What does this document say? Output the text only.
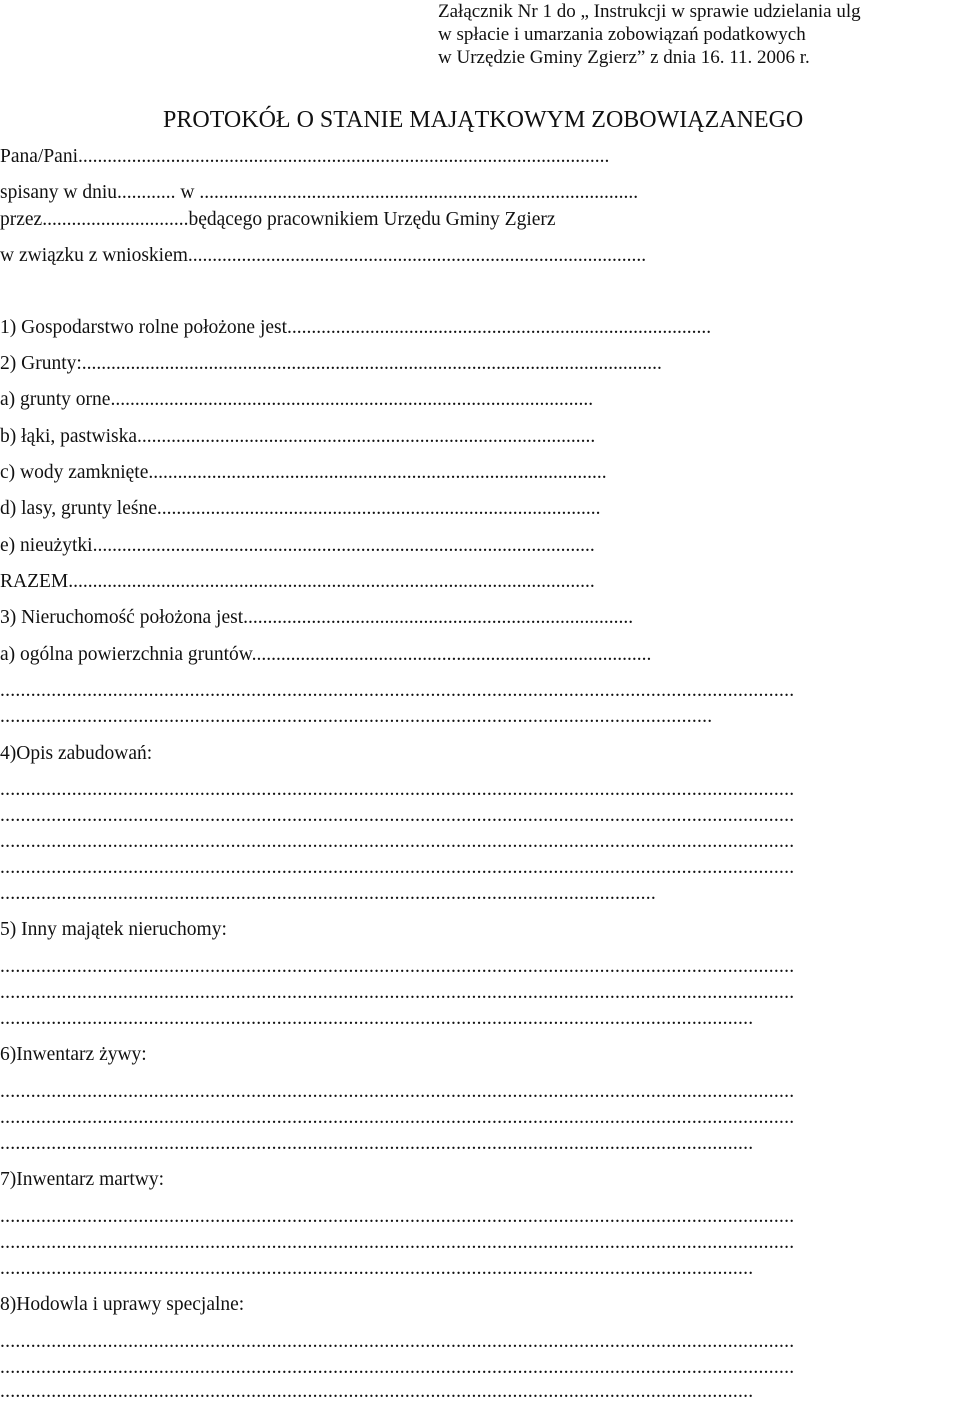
Załącznik Nr 1 do „ Instrukcji w sprawie udzielania ulg
w spłacie i umarzania zobowiązań podatkowych
w Urzędzie Gminy Zgierz” z dnia 16. 11. 2006 r.
PROTOKÓŁ O STANIE MAJĄTKOWYM ZOBOWIĄZANEGO
Pana/Pani.............................................................................................................
spisany w dniu............ w ..........................................................................................
przez..............................będącego pracownikiem Urzędu Gminy Zgierz
w związku z wnioskiem..............................................................................................
1) Gospodarstwo rolne położone jest.......................................................................................
2) Grunty:.......................................................................................................................
a) grunty orne...................................................................................................
b) łąki, pastwiska..............................................................................................
c) wody zamknięte..............................................................................................
d) lasy, grunty leśne...........................................................................................
e) nieużytki.......................................................................................................
RAZEM............................................................................................................
3) Nieruchomość położona jest................................................................................
a) ogólna powierzchnia gruntów..................................................................................
...........................................................................................................................................................
...........................................................................................................................................
4)Opis zabudowań:
...........................................................................................................................................................
...........................................................................................................................................................
...........................................................................................................................................................
...........................................................................................................................................................
................................................................................................................................
5) Inny majątek nieruchomy:
...........................................................................................................................................................
...........................................................................................................................................................
...................................................................................................................................................
6)Inwentarz żywy:
...........................................................................................................................................................
...........................................................................................................................................................
...................................................................................................................................................
7)Inwentarz martwy:
...........................................................................................................................................................
...........................................................................................................................................................
...................................................................................................................................................
8)Hodowla i uprawy specjalne:
...........................................................................................................................................................
...........................................................................................................................................................
...................................................................................................................................................
